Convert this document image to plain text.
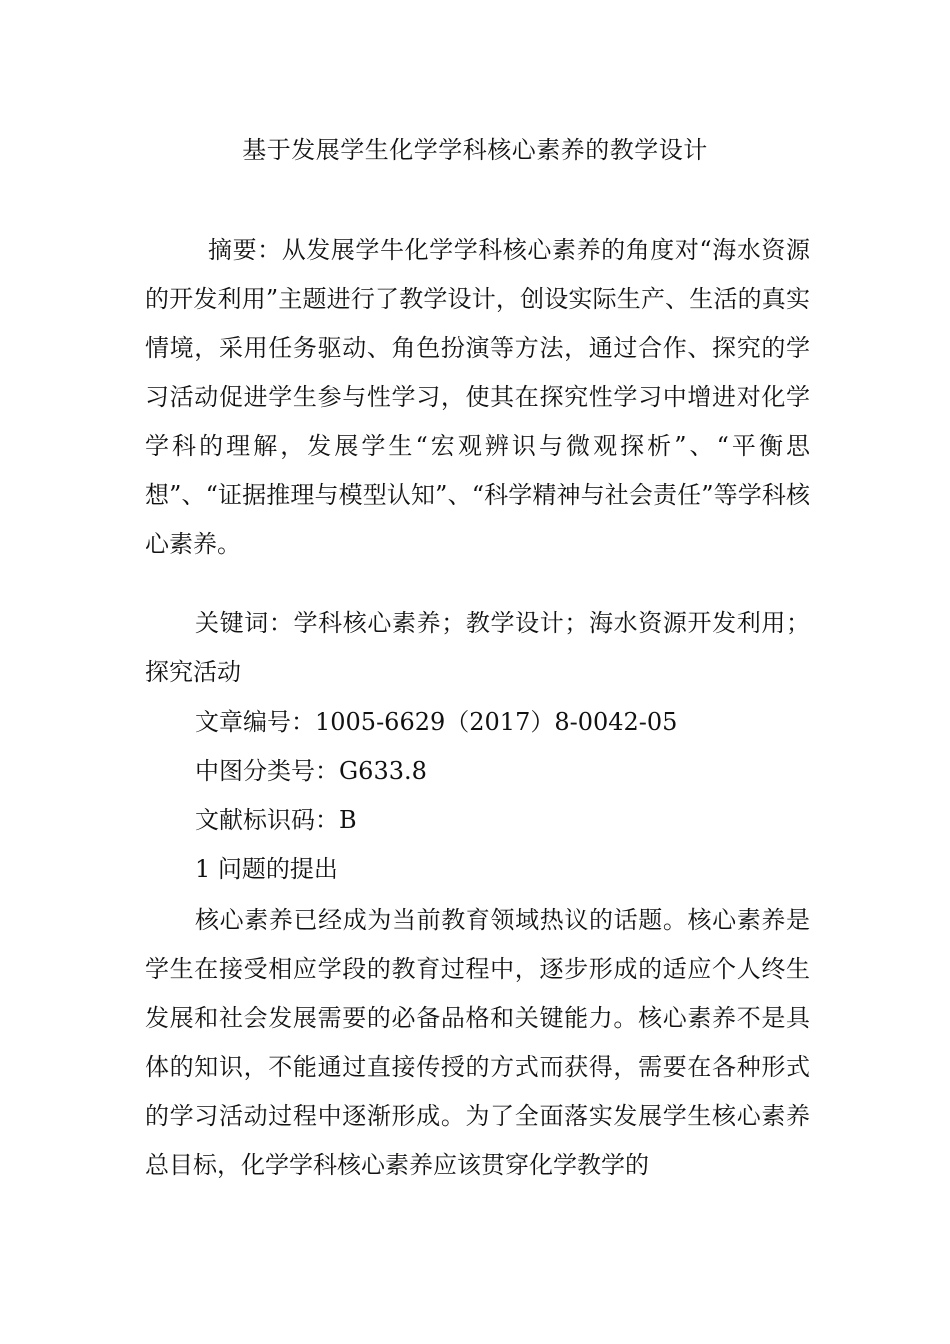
基于发展学生化学学科核心素养的教学设计
摘要：从发展学牛化学学科核心素养的角度对“海水资源的开发利用”主题进行了教学设计，创设实际生产、生活的真实情境，采用任务驱动、角色扮演等方法，通过合作、探究的学习活动促进学生参与性学习，使其在探究性学习中增进对化学学科的理解，发展学生“宏观辨识与微观探析”、“平衡思想”、“证据推理与模型认知”、“科学精神与社会责任”等学科核心素养。
关键词：学科核心素养；教学设计；海水资源开发利用；探究活动
文章编号：1005-6629（2017）8-0042-05
中图分类号：G633.8
文献标识码：B
1 问题的提出
核心素养已经成为当前教育领域热议的话题。核心素养是学生在接受相应学段的教育过程中，逐步形成的适应个人终生发展和社会发展需要的必备品格和关键能力。核心素养不是具体的知识，不能通过直接传授的方式而获得，需要在各种形式的学习活动过程中逐渐形成。为了全面落实发展学生核心素养总目标，化学学科核心素养应该贯穿化学教学的
